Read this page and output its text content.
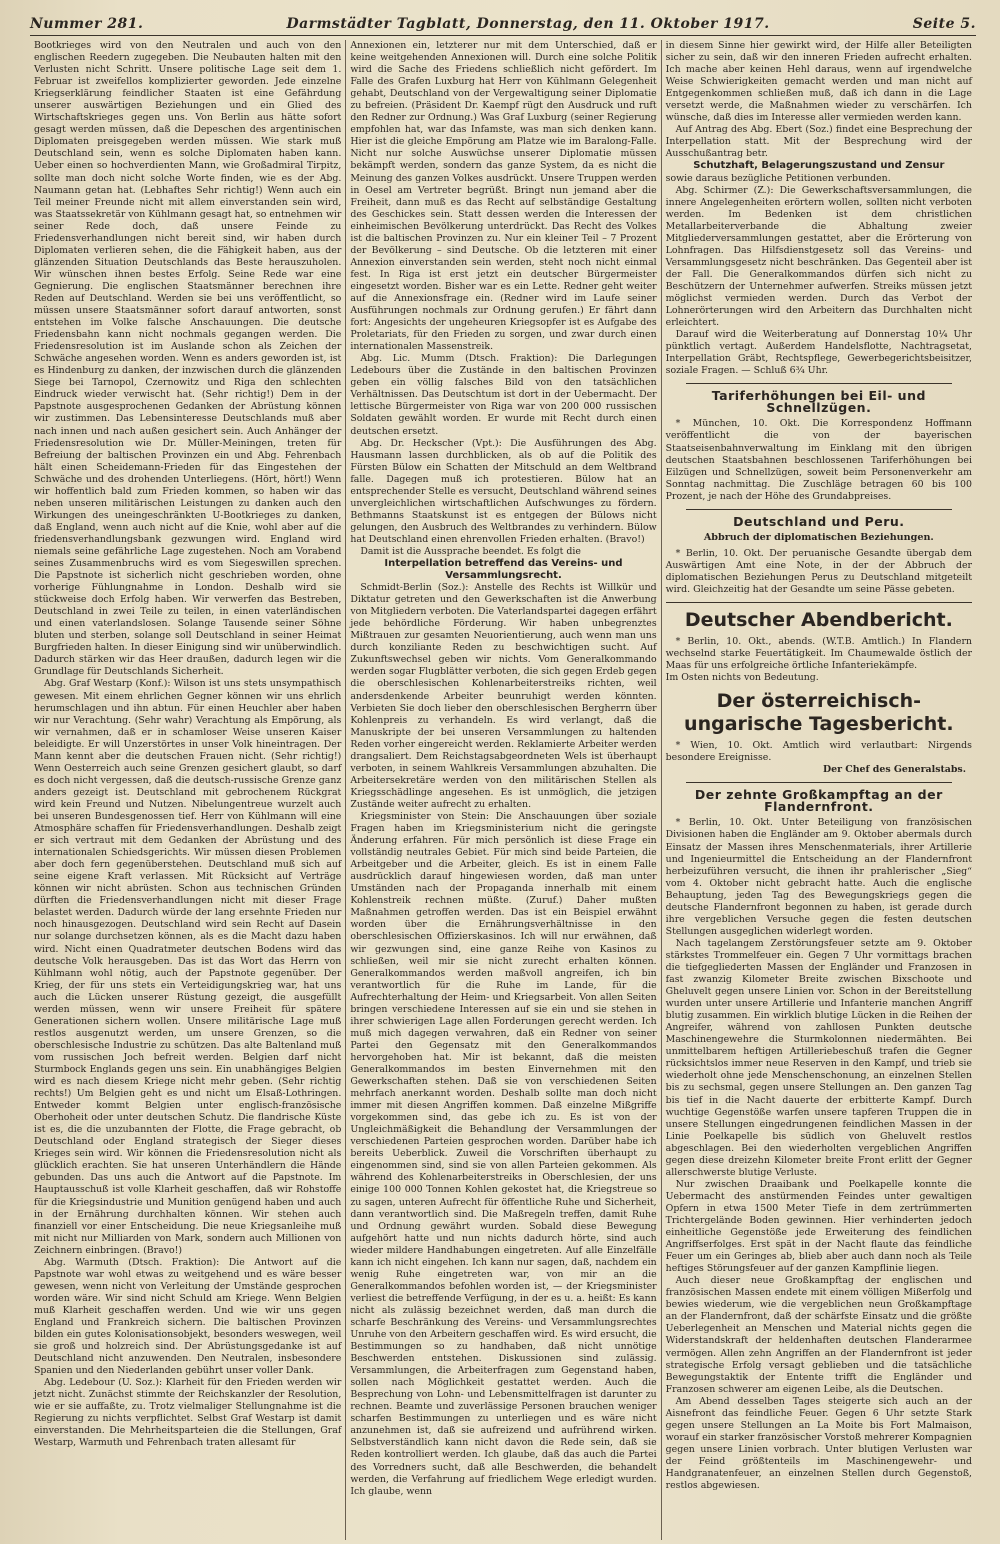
Nummer 281.	Darmstädter Tagblatt, Donnerstag, den 11. Oktober 1917.	Seite 5.

Bootkrieges wird von den Neutralen und auch von den englischen Reedern zugegeben. Die Neubauten halten mit den Verlusten nicht Schritt. Unsere politische Lage seit dem 1. Februar ist zweifellos komplizierter geworden. Jede einzelne Kriegserklärung feindlicher Staaten ist eine Gefährdung unserer auswärtigen Beziehungen und ein Glied des Wirtschaftskrieges gegen uns. Von Berlin aus hätte sofort gesagt werden müssen, daß die Depeschen des argentinischen Diplomaten preisgegeben werden müssen. Wie stark muß Deutschland sein, wenn es solche Diplomaten haben kann. Ueber einen so hochverdienten Mann, wie Großadmiral Tirpitz, sollte man doch nicht solche Worte finden, wie es der Abg. Naumann getan hat. (Lebhaftes Sehr richtig!) Wenn auch ein Teil meiner Freunde nicht mit allem einverstanden sein wird, was Staatssekretär von Kühlmann gesagt hat, so entnehmen wir seiner Rede doch, daß unsere Feinde zu Friedensverhandlungen nicht bereit sind, wir haben durch Diplomaten verlieren sehen, die die Fähigkeit haben, aus der glänzenden Situation Deutschlands das Beste herauszuholen. Wir wünschen ihnen bestes Erfolg. Seine Rede war eine Gegnierung. Die englischen Staatsmänner berechnen ihre Reden auf Deutschland. Werden sie bei uns veröffentlicht, so müssen unsere Staatsmänner sofort darauf antworten, sonst entstehen im Volke falsche Anschauungen. Die deutsche Friedensbahn kann nicht nochmals gegangen werden. Die Friedensresolution ist im Auslande schon als Zeichen der Schwäche angesehen worden. Wenn es anders geworden ist, ist es Hindenburg zu danken, der inzwischen durch die glänzenden Siege bei Tarnopol, Czernowitz und Riga den schlechten Eindruck wieder verwischt hat. (Sehr richtig!) Dem in der Papstnote ausgesprochenen Gedanken der Abrüstung können wir zustimmen. Das Lebensinteresse Deutschlands muß aber nach innen und nach außen gesichert sein. Auch Anhänger der Friedensresolution wie Dr. Müller-Meiningen, treten für Befreiung der baltischen Provinzen ein und Abg. Fehrenbach hält einen Scheidemann-Frieden für das Eingestehen der Schwäche und des drohenden Unterliegens. (Hört, hört!) Wenn wir hoffentlich bald zum Frieden kommen, so haben wir das neben unseren militärischen Leistungen zu danken auch den Wirkungen des uneingeschränkten U-Bootkrieges zu danken, daß England, wenn auch nicht auf die Knie, wohl aber auf die friedensverhandlungsbank gezwungen wird. England wird niemals seine gefährliche Lage zugestehen. Noch am Vorabend seines Zusammenbruchs wird es vom Siegeswillen sprechen. Die Papstnote ist sicherlich nicht geschrieben worden, ohne vorherige Fühlungnahme in London. Deshalb wird sie stückweise doch Erfolg haben. Wir verwerfen das Bestreben, Deutschland in zwei Teile zu teilen, in einen vaterländischen und einen vaterlandslosen. Solange Tausende seiner Söhne bluten und sterben, solange soll Deutschland in seiner Heimat Burgfrieden halten. In dieser Einigung sind wir unüberwindlich. Dadurch stärken wir das Heer draußen, dadurch legen wir die Grundlage für Deutschlands Sicherheit.

Abg. Graf Westarp (Konf.): Wilson ist uns stets unsympathisch gewesen. Mit einem ehrlichen Gegner können wir uns ehrlich herumschlagen und ihn abtun. Für einen Heuchler aber haben wir nur Verachtung. (Sehr wahr) Verachtung als Empörung, als wir vernahmen, daß er in schamloser Weise unseren Kaiser beleidigte. Er will Unzerstörtes in unser Volk hineintragen. Der Mann kennt aber die deutschen Frauen nicht. (Sehr richtig!) Wenn Oesterreich auch seine Grenzen gesichert glaubt, so darf es doch nicht vergessen, daß die deutsch-russische Grenze ganz anders gezeigt ist. Deutschland mit gebrochenem Rückgrat wird kein Freund und Nutzen. Nibelungentreue wurzelt auch bei unseren Bundesgenossen tief. Herr von Kühlmann will eine Atmosphäre schaffen für Friedensverhandlungen. Deshalb zeigt er sich vertraut mit dem Gedanken der Abrüstung und des internationalen Schiedsgerichts. Wir müssen diesen Problemen aber doch fern gegenüberstehen. Deutschland muß sich auf seine eigene Kraft verlassen. Mit Rücksicht auf Verträge können wir nicht abrüsten. Schon aus technischen Gründen dürften die Friedensverhandlungen nicht mit dieser Frage belastet werden. Dadurch würde der lang ersehnte Frieden nur noch hinausgezogen. Deutschland wird sein Recht auf Dasein nur solange durchsetzen können, als es die Macht dazu haben wird. Nicht einen Quadratmeter deutschen Bodens wird das deutsche Volk herausgeben. Das ist das Wort das Herrn von Kühlmann wohl nötig, auch der Papstnote gegenüber. Der Krieg, der für uns stets ein Verteidigungskrieg war, hat uns auch die Lücken unserer Rüstung gezeigt, die ausgefüllt werden müssen, wenn wir unsere Freiheit für spätere Generationen sichern wollen. Unsere militärische Lage muß restlos ausgenutzt werden, um unsere Grenzen, so die oberschlesische Industrie zu schützen. Das alte Baltenland muß vom russischen Joch befreit werden. Belgien darf nicht Sturmbock Englands gegen uns sein. Ein unabhängiges Belgien wird es nach diesem Kriege nicht mehr geben. (Sehr richtig rechts!) Um Belgien geht es und nicht um Elsaß-Lothringen. Entweder kommt Belgien unter englisch-französische Oberhoheit oder unter deutschen Schutz. Die flandrische Küste ist es, die die unzubannten der Flotte, die Frage gebracht, ob Deutschland oder England strategisch der Sieger dieses Krieges sein wird. Wir können die Friedensresolution nicht als glücklich erachten. Sie hat unseren Unterhändlern die Hände gebunden. Das uns auch die Antwort auf die Papstnote. Im Hauptausschuß ist volle Klarheit geschaffen, daß wir Rohstoffe für die Kriegsindustrie und Munition genügend haben und auch in der Ernährung durchhalten können. Wir stehen auch finanziell vor einer Entscheidung. Die neue Kriegsanleihe muß mit nicht nur Milliarden von Mark, sondern auch Millionen von Zeichnern einbringen. (Bravo!)

Abg. Warmuth (Dtsch. Fraktion): Die Antwort auf die Papstnote war wohl etwas zu weitgehend und es wäre besser gewesen, wenn nicht von Verleitung der Umstände gesprochen worden wäre. Wir sind nicht Schuld am Kriege. Wenn Belgien muß Klarheit geschaffen werden. Und wie wir uns gegen England und Frankreich sichern. Die baltischen Provinzen bilden ein gutes Kolonisationsobjekt, besonders weswegen, weil sie groß und holzreich sind. Der Abrüstungsgedanke ist auf Deutschland nicht anzuwenden. Den Neutralen, insbesondere Spanien und den Niederlanden gebührt unser voller Dank.

Abg. Ledebour (U. Soz.): Klarheit für den Frieden werden wir jetzt nicht. Zunächst stimmte der Reichskanzler der Resolution, wie er sie auffaßte, zu. Trotz vielmaliger Stellungnahme ist die Regierung zu nichts verpflichtet. Selbst Graf Westarp ist damit einverstanden. Die Mehrheitsparteien die die Stellungen, Graf Westarp, Warmuth und Fehrenbach traten allesamt für

Annexionen ein, letzterer nur mit dem Unterschied, daß er keine weitgehenden Annexionen will. Durch eine solche Politik wird die Sache des Friedens schließlich nicht gefördert. Im Falle des Grafen Luxburg hat Herr von Kühlmann Gelegenheit gehabt, Deutschland von der Vergewaltigung seiner Diplomatie zu befreien. (Präsident Dr. Kaempf rügt den Ausdruck und ruft den Redner zur Ordnung.) Was Graf Luxburg (seiner Regierung empfohlen hat, war das Infamste, was man sich denken kann. Hier ist die gleiche Empörung am Platze wie im Baralong-Falle. Nicht nur solche Auswüchse unserer Diplomatie müssen bekämpft werden, sondern das ganze System, da es nicht die Meinung des ganzen Volkes ausdrückt. Unsere Truppen werden in Oesel am Vertreter begrüßt. Bringt nun jemand aber die Freiheit, dann muß es das Recht auf selbständige Gestaltung des Geschickes sein. Statt dessen werden die Interessen der einheimischen Bevölkerung unterdrückt. Das Recht des Volkes ist die baltischen Provinzen zu. Nur ein kleiner Teil – 7 Prozent der Bevölkerung – sind Deutsche. Ob die letzteren mit einer Annexion einverstanden sein werden, steht noch nicht einmal fest. In Riga ist erst jetzt ein deutscher Bürgermeister eingesetzt worden. Bisher war es ein Lette. Redner geht weiter auf die Annexionsfrage ein. (Redner wird im Laufe seiner Ausführungen nochmals zur Ordnung gerufen.) Er fährt dann fort: Angesichts der ungeheuren Kriegsopfer ist es Aufgabe des Proletariats, für den Frieden zu sorgen, und zwar durch einen internationalen Massenstreik.

Abg. Lic. Mumm (Dtsch. Fraktion): Die Darlegungen Ledebours über die Zustände in den baltischen Provinzen geben ein völlig falsches Bild von den tatsächlichen Verhältnissen. Das Deutschtum ist dort in der Uebermacht. Der lettische Bürgermeister von Riga war von 200 000 russischen Soldaten gewählt worden. Er wurde mit Recht durch einen deutschen ersetzt.

Abg. Dr. Heckscher (Vpt.): Die Ausführungen des Abg. Hausmann lassen durchblicken, als ob auf die Politik des Fürsten Bülow ein Schatten der Mitschuld an dem Weltbrand falle. Dagegen muß ich protestieren. Bülow hat an entsprechender Stelle es versucht, Deutschland während seines unvergleichlichen wirtschaftlichen Aufschwunges zu fördern. Bethmanns Staatskunst ist es entgegen der Bülows nicht gelungen, den Ausbruch des Weltbrandes zu verhindern. Bülow hat Deutschland einen ehrenvollen Frieden erhalten. (Bravo!)

Damit ist die Aussprache beendet. Es folgt die

Interpellation betreffend das Vereins- und Versammlungsrecht.

Schmidt-Berlin (Soz.): Anstelle des Rechts ist Willkür und Diktatur getreten und den Gewerkschaften ist die Anwerbung von Mitgliedern verboten. Die Vaterlandspartei dagegen erfährt jede behördliche Förderung. Wir haben unbegrenztes Mißtrauen zur gesamten Neuorientierung, auch wenn man uns durch konziliante Reden zu beschwichtigen sucht. Auf Zukunftswechsel geben wir nichts. Vom Generalkommando werden sogar Flugblätter verboten, die sich gegen Erdeb gegen die oberschlesischen Kohlenarbeiterstreiks richten, weil andersdenkende Arbeiter beunruhigt werden könnten. Verbieten Sie doch lieber den oberschlesischen Bergherrn über Kohlenpreis zu verhandeln. Es wird verlangt, daß die Manuskripte der bei unseren Versammlungen zu haltenden Reden vorher eingereicht werden. Reklamierte Arbeiter werden drangsaliert. Dem Reichstagsabgeordneten Wels ist überhaupt verboten, in seinem Wahlkreis Versammlungen abzuhalten. Die Arbeitersekretäre werden von den militärischen Stellen als Kriegsschädlinge angesehen. Es ist unmöglich, die jetzigen Zustände weiter aufrecht zu erhalten.

Kriegsminister von Stein: Die Anschauungen über soziale Fragen haben im Kriegsministerium nicht die geringste Änderung erfahren. Für mich persönlich ist diese Frage ein vollständig neutrales Gebiet. Für mich sind beide Parteien, die Arbeitgeber und die Arbeiter, gleich. Es ist in einem Falle ausdrücklich darauf hingewiesen worden, daß man unter Umständen nach der Propaganda innerhalb mit einem Kohlenstreik rechnen müßte. (Zuruf.) Daher mußten Maßnahmen getroffen werden. Das ist ein Beispiel erwähnt worden über die Ernährungsverhältnisse in den oberschlesischen Offizierskasinos. Ich will nur erwähnen, daß wir gezwungen sind, eine ganze Reihe von Kasinos zu schließen, weil mir sie nicht zurecht erhalten können. Generalkommandos werden maßvoll angreifen, ich bin verantwortlich für die Ruhe im Lande, für die Aufrechterhaltung der Heim- und Kriegsarbeit. Von allen Seiten bringen verschiedene Interessen auf sie ein und sie stehen in ihrer schwierigen Lage allen Forderungen gerecht werden. Ich muß mich dagegen verwahren, daß ein Redner von seiner Partei den Gegensatz mit den Generalkommandos hervorgehoben hat. Mir ist bekannt, daß die meisten Generalkommandos im besten Einvernehmen mit den Gewerkschaften stehen. Daß sie von verschiedenen Seiten mehrfach anerkannt worden. Deshalb sollte man doch nicht immer mit diesen Angriffen kommen. Daß einzelne Mißgriffe vorgekommen sind, das gebe ich zu. Es ist von der Ungleichmäßigkeit die Behandlung der Versammlungen der verschiedenen Parteien gesprochen worden. Darüber habe ich bereits Ueberblick. Zuweil die Vorschriften überhaupt zu eingenommen sind, sind sie von allen Parteien gekommen. Als während des Kohlenarbeiterstreiks in Oberschlesien, der uns einige 100 000 Tonnen Kohlen gekostet hat, die Kriegstreue so zu sagen, unteren Aufrecht für öffentliche Ruhe und Sicherheit, dann verantwortlich sind. Die Maßregeln treffen, damit Ruhe und Ordnung gewährt wurden. Sobald diese Bewegung aufgehört hatte und nun nichts dadurch hörte, sind auch wieder mildere Handhabungen eingetreten. Auf alle Einzelfälle kann ich nicht eingehen. Ich kann nur sagen, daß, nachdem ein wenig Ruhe eingetreten war, von mir an die Generalkommandos befohlen worden ist, — der Kriegsminister verliest die betreffende Verfügung, in der es u. a. heißt: Es kann nicht als zulässig bezeichnet werden, daß man durch die scharfe Beschränkung des Vereins- und Versammlungsrechtes Unruhe von den Arbeitern geschaffen wird. Es wird ersucht, die Bestimmungen so zu handhaben, daß nicht unnötige Beschwerden entstehen. Diskussionen sind zulässig. Versammlungen, die Arbeiterfragen zum Gegenstand haben, sollen nach Möglichkeit gestattet werden. Auch die Besprechung von Lohn- und Lebensmittelfragen ist darunter zu rechnen. Beamte und zuverlässige Personen brauchen weniger scharfen Bestimmungen zu unterliegen und es wäre nicht anzunehmen ist, daß sie aufreizend und aufrührend wirken. Selbstverständlich kann nicht davon die Rede sein, daß sie Reden kontrolliert werden. Ich glaube, daß das auch die Partei des Vorredners sucht, daß alle Beschwerden, die behandelt werden, die Verfahrung auf friedlichem Wege erledigt wurden. Ich glaube, wenn

in diesem Sinne hier gewirkt wird, der Hilfe aller Beteiligten sicher zu sein, daß wir den inneren Frieden aufrecht erhalten. Ich mache aber keinen Hehl daraus, wenn auf irgendwelche Weise Schwierigkeiten gemacht werden und man nicht auf Entgegenkommen schließen muß, daß ich dann in die Lage versetzt werde, die Maßnahmen wieder zu verschärfen. Ich wünsche, daß dies im Interesse aller vermieden werden kann.

Auf Antrag des Abg. Ebert (Soz.) findet eine Besprechung der Interpellation statt. Mit der Besprechung wird der Ausschußantrag betr.

Schutzhaft, Belagerungszustand und Zensur

sowie daraus bezügliche Petitionen verbunden.

Abg. Schirmer (Z.): Die Gewerkschaftsversammlungen, die innere Angelegenheiten erörtern wollen, sollten nicht verboten werden. Im Bedenken ist dem christlichen Metallarbeiterverbande die Abhaltung zweier Mitgliederversammlungen gestattet, aber die Erörterung von Lohnfragen. Das Hilfsdienstgesetz soll das Vereins- und Versammlungsgesetz nicht beschränken. Das Gegenteil aber ist der Fall. Die Generalkommandos dürfen sich nicht zu Beschützern der Unternehmer aufwerfen. Streiks müssen jetzt möglichst vermieden werden. Durch das Verbot der Lohnerörterungen wird den Arbeitern das Durchhalten nicht erleichtert.

Darauf wird die Weiterberatung auf Donnerstag 10¼ Uhr pünktlich vertagt. Außerdem Handelsflotte, Nachtragsetat, Interpellation Gräbt, Rechtspflege, Gewerbegerichtsbeisitzer, soziale Fragen. — Schluß 6¾ Uhr.

Tariferhöhungen bei Eil- und Schnellzügen.

* München, 10. Okt. Die Korrespondenz Hoffmann veröffentlicht die von der bayerischen Staatseisenbahnverwaltung im Einklang mit den übrigen deutschen Staatsbahnen beschlossenen Tariferhöhungen bei Eilzügen und Schnellzügen, soweit beim Personenverkehr am Sonntag nachmittag. Die Zuschläge betragen 60 bis 100 Prozent, je nach der Höhe des Grundabpreises.

Deutschland und Peru.
Abbruch der diplomatischen Beziehungen.

* Berlin, 10. Okt. Der peruanische Gesandte übergab dem Auswärtigen Amt eine Note, in der der Abbruch der diplomatischen Beziehungen Perus zu Deutschland mitgeteilt wird. Gleichzeitig hat der Gesandte um seine Pässe gebeten.

Deutscher Abendbericht.

* Berlin, 10. Okt., abends. (W.T.B. Amtlich.) In Flandern wechselnd starke Feuertätigkeit. Im Chaumewalde östlich der Maas für uns erfolgreiche örtliche Infanteriekämpfe.

Im Osten nichts von Bedeutung.

Der österreichisch-ungarische Tagesbericht.

* Wien, 10. Okt. Amtlich wird verlautbart: Nirgends besondere Ereignisse.

Der Chef des Generalstabs.
Der zehnte Großkampftag an der Flandernfront.

* Berlin, 10. Okt. Unter Beteiligung von französischen Divisionen haben die Engländer am 9. Oktober abermals durch Einsatz der Massen ihres Menschenmaterials, ihrer Artillerie und Ingenieurmittel die Entscheidung an der Flandernfront herbeizuführen versucht, die ihnen ihr prahlerischer „Sieg“ vom 4. Oktober nicht gebracht hatte. Auch die englische Behauptung, jeden Tag des Bewegungskriegs gegen die deutsche Flandernfront begonnen zu haben, ist gerade durch ihre vergeblichen Versuche gegen die festen deutschen Stellungen ausgeglichen widerlegt worden.

Nach tagelangem Zerstörungsfeuer setzte am 9. Oktober stärkstes Trommelfeuer ein. Gegen 7 Uhr vormittags brachen die tiefgegliederten Massen der Engländer und Franzosen in fast zwanzig Kilometer Breite zwischen Bixschoote und Gheluvelt gegen unsere Linien vor. Schon in der Bereitstellung wurden unter unsere Artillerie und Infanterie manchen Angriff blutig zusammen. Ein wirklich blutige Lücken in die Reihen der Angreifer, während von zahllosen Punkten deutsche Maschinengewehre die Sturmkolonnen niedermähten. Bei unmittelbarem heftigen Artilleriebeschuß trafen die Gegner rücksichtslos immer neue Reserven in den Kampf, und trieb sie wiederholt ohne jede Menschenschonung, an einzelnen Stellen bis zu sechsmal, gegen unsere Stellungen an. Den ganzen Tag bis tief in die Nacht dauerte der erbitterte Kampf. Durch wuchtige Gegenstöße warfen unsere tapferen Truppen die in unsere Stellungen eingedrungenen feindlichen Massen in der Linie Poelkapelle bis südlich von Gheluvelt restlos abgeschlagen. Bei den wiederholten vergeblichen Angriffen gegen diese dreizehn Kilometer breite Front erlitt der Gegner allerschwerste blutige Verluste.

Nur zwischen Draaibank und Poelkapelle konnte die Uebermacht des anstürmenden Feindes unter gewaltigen Opfern in etwa 1500 Meter Tiefe in dem zertrümmerten Trichtergelände Boden gewinnen. Hier verhinderten jedoch einheitliche Gegenstöße jede Erweiterung des feindlichen Angriffserfolges. Erst spät in der Nacht flaute das feindliche Feuer um ein Geringes ab, blieb aber auch dann noch als Teile heftiges Störungsfeuer auf der ganzen Kampflinie liegen.

Auch dieser neue Großkampftag der englischen und französischen Massen endete mit einem völligen Mißerfolg und bewies wiederum, wie die vergeblichen neun Großkampftage an der Flandernfront, daß der schärfste Einsatz und die größte Ueberlegenheit an Menschen und Material nichts gegen die Widerstandskraft der heldenhaften deutschen Flanderarmee vermögen. Allen zehn Angriffen an der Flandernfront ist jeder strategische Erfolg versagt geblieben und die tatsächliche Bewegungstaktik der Entente trifft die Engländer und Franzosen schwerer am eigenen Leibe, als die Deutschen.

Am Abend desselben Tages steigerte sich auch an der Aisnefront das feindliche Feuer. Gegen 6 Uhr setzte Stark gegen unsere Stellungen an La Moite bis Fort Malmaison, worauf ein starker französischer Vorstoß mehrerer Kompagnien gegen unsere Linien vorbrach. Unter blutigen Verlusten war der Feind größtenteils im Maschinengewehr- und Handgranatenfeuer, an einzelnen Stellen durch Gegenstoß, restlos abgewiesen.
